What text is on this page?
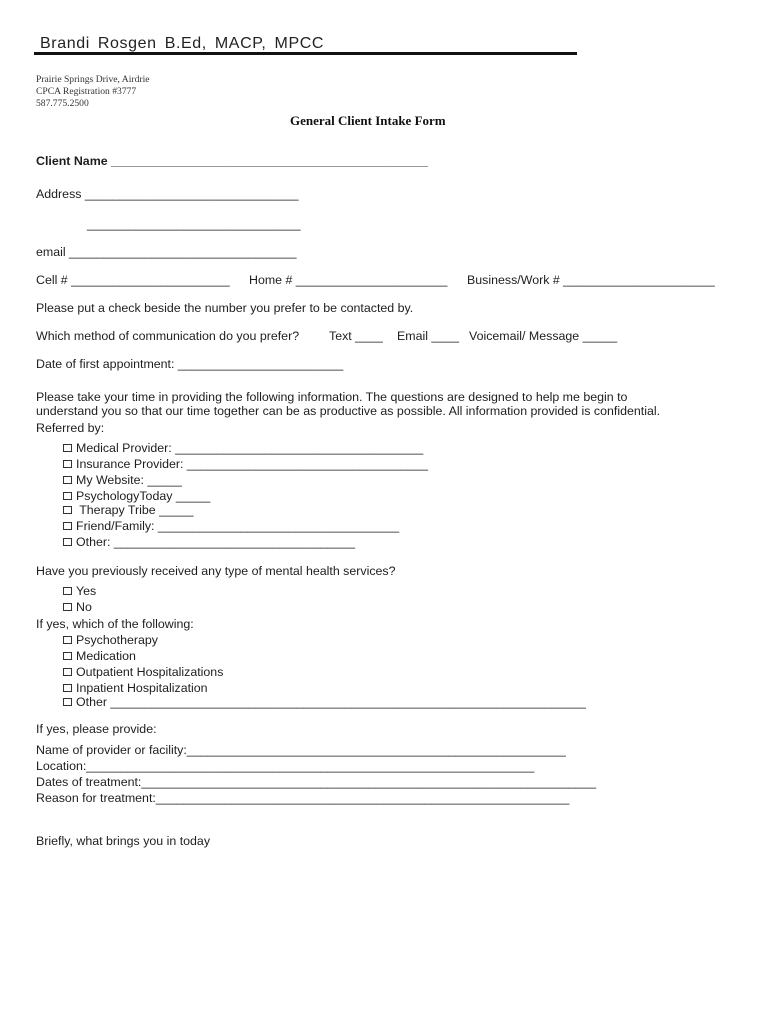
Brandi Rosgen B.Ed, MACP, MPCC
Prairie Springs Drive, Airdrie
CPCA Registration #3777
587.775.2500
General Client Intake Form
Client Name ______________________________________________
Address _______________________________
_______________________________
email _________________________________
Cell # _______________________ Home # ______________________ Business/Work # ______________________
Please put a check beside the number you prefer to be contacted by.
Which method of communication do you prefer? Text ____ Email ____ Voicemail/ Message _____
Date of first appointment: ________________________
Please take your time in providing the following information. The questions are designed to help me begin to
understand you so that our time together can be as productive as possible. All information provided is confidential.
Referred by:
Medical Provider: ____________________________________
Insurance Provider: ___________________________________
My Website: _____
PsychologyToday _____
Therapy Tribe _____
Friend/Family: ___________________________________
Other: ___________________________________
Have you previously received any type of mental health services?
Yes
No
If yes, which of the following:
Psychotherapy
Medication
Outpatient Hospitalizations
Inpatient Hospitalization
Other _____________________________________________________________________
If yes, please provide:
Name of provider or facility:_______________________________________________________
Location:_________________________________________________________________
Dates of treatment:__________________________________________________________________
Reason for treatment:____________________________________________________________
Briefly, what brings you in today
